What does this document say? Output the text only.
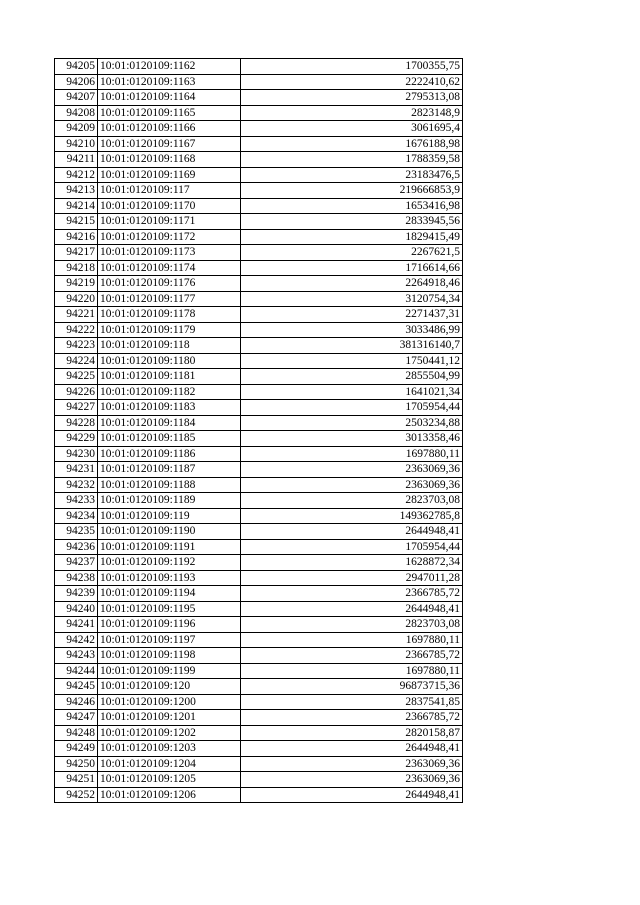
94205	10:01:0120109:1162	1700355,75
94206	10:01:0120109:1163	2222410,62
94207	10:01:0120109:1164	2795313,08
94208	10:01:0120109:1165	2823148,9
94209	10:01:0120109:1166	3061695,4
94210	10:01:0120109:1167	1676188,98
94211	10:01:0120109:1168	1788359,58
94212	10:01:0120109:1169	23183476,5
94213	10:01:0120109:117	219666853,9
94214	10:01:0120109:1170	1653416,98
94215	10:01:0120109:1171	2833945,56
94216	10:01:0120109:1172	1829415,49
94217	10:01:0120109:1173	2267621,5
94218	10:01:0120109:1174	1716614,66
94219	10:01:0120109:1176	2264918,46
94220	10:01:0120109:1177	3120754,34
94221	10:01:0120109:1178	2271437,31
94222	10:01:0120109:1179	3033486,99
94223	10:01:0120109:118	381316140,7
94224	10:01:0120109:1180	1750441,12
94225	10:01:0120109:1181	2855504,99
94226	10:01:0120109:1182	1641021,34
94227	10:01:0120109:1183	1705954,44
94228	10:01:0120109:1184	2503234,88
94229	10:01:0120109:1185	3013358,46
94230	10:01:0120109:1186	1697880,11
94231	10:01:0120109:1187	2363069,36
94232	10:01:0120109:1188	2363069,36
94233	10:01:0120109:1189	2823703,08
94234	10:01:0120109:119	149362785,8
94235	10:01:0120109:1190	2644948,41
94236	10:01:0120109:1191	1705954,44
94237	10:01:0120109:1192	1628872,34
94238	10:01:0120109:1193	2947011,28
94239	10:01:0120109:1194	2366785,72
94240	10:01:0120109:1195	2644948,41
94241	10:01:0120109:1196	2823703,08
94242	10:01:0120109:1197	1697880,11
94243	10:01:0120109:1198	2366785,72
94244	10:01:0120109:1199	1697880,11
94245	10:01:0120109:120	96873715,36
94246	10:01:0120109:1200	2837541,85
94247	10:01:0120109:1201	2366785,72
94248	10:01:0120109:1202	2820158,87
94249	10:01:0120109:1203	2644948,41
94250	10:01:0120109:1204	2363069,36
94251	10:01:0120109:1205	2363069,36
94252	10:01:0120109:1206	2644948,41
